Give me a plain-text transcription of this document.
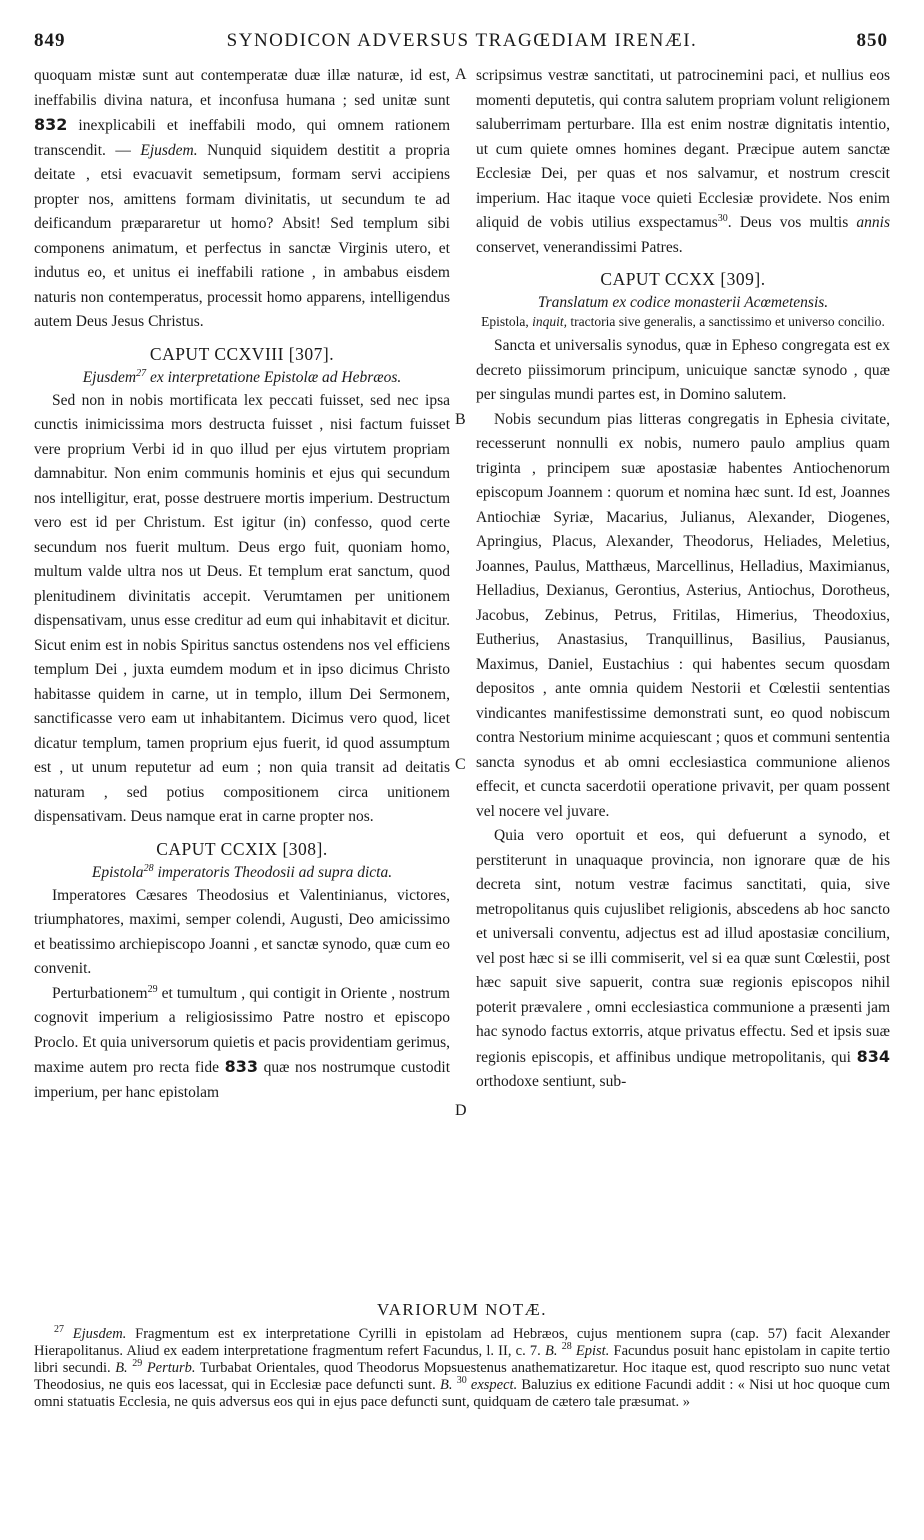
849	SYNODICON ADVERSUS TRAGŒDIAM IRENÆI.	850
A
B
C
D

quoquam mistæ sunt aut contemperatæ duæ illæ naturæ, id est, ineffabilis divina natura, et inconfusa humana ; sed unitæ sunt 832 inexplicabili et ineffabili modo, qui omnem rationem transcendit. — Ejusdem. Nunquid siquidem destitit a propria deitate , etsi evacuavit semetipsum, formam servi accipiens propter nos, amittens formam divinitatis, ut secundum te ad deificandum præpararetur ut homo? Absit! Sed templum sibi componens animatum, et perfectus in sanctæ Virginis utero, et indutus eo, et unitus ei ineffabili ratione , in ambabus eisdem naturis non contemperatus, processit homo apparens, intelligendus autem Deus Jesus Christus.

CAPUT CCXVIII [307].
Ejusdem$^{27}$ ex interpretatione Epistolæ ad Hebræos.

Sed non in nobis mortificata lex peccati fuisset, sed nec ipsa cunctis inimicissima mors destructa fuisset , nisi factum fuisset vere proprium Verbi id in quo illud per ejus virtutem propriam damnabitur. Non enim communis hominis et ejus qui secundum nos intelligitur, erat, posse destruere mortis imperium. Destructum vero est id per Christum. Est igitur (in) confesso, quod certe secundum nos fuerit multum. Deus ergo fuit, quoniam homo, multum valde ultra nos ut Deus. Et templum erat sanctum, quod plenitudinem divinitatis accepit. Verumtamen per unitionem dispensativam, unus esse creditur ad eum qui inhabitavit et dicitur. Sicut enim est in nobis Spiritus sanctus ostendens nos vel efficiens templum Dei , juxta eumdem modum et in ipso dicimus Christo habitasse quidem in carne, ut in templo, illum Dei Sermonem, sanctificasse vero eam ut inhabitantem. Dicimus vero quod, licet dicatur templum, tamen proprium ejus fuerit, id quod assumptum est , ut unum reputetur ad eum ; non quia transit ad deitatis naturam , sed potius compositionem circa unitionem dispensativam. Deus namque erat in carne propter nos.

CAPUT CCXIX [308].
Epistola$^{28}$ imperatoris Theodosii ad supra dicta.

Imperatores Cæsares Theodosius et Valentinianus, victores, triumphatores, maximi, semper colendi, Augusti, Deo amicissimo et beatissimo archiepiscopo Joanni , et sanctæ synodo, quæ cum eo convenit.

Perturbationem$^{29}$ et tumultum , qui contigit in Oriente , nostrum cognovit imperium a religiosissimo Patre nostro et episcopo Proclo. Et quia universorum quietis et pacis providentiam gerimus, maxime autem pro recta fide 833 quæ nos nostrumque custodit imperium, per hanc epistolam

scripsimus vestræ sanctitati, ut patrocinemini paci, et nullius eos momenti deputetis, qui contra salutem propriam volunt religionem saluberrimam perturbare. Illa est enim nostræ dignitatis intentio, ut cum quiete omnes homines degant. Præcipue autem sanctæ Ecclesiæ Dei, per quas et nos salvamur, et nostrum crescit imperium. Hac itaque voce quieti Ecclesiæ providete. Nos enim aliquid de vobis utilius exspectamus$^{30}$. Deus vos multis annis conservet, venerandissimi Patres.

CAPUT CCXX [309].
Translatum ex codice monasterii Acœmetensis.
Epistola, inquit, tractoria sive generalis, a sanctissimo et universo concilio.

Sancta et universalis synodus, quæ in Epheso congregata est ex decreto piissimorum principum, unicuique sanctæ synodo , quæ per singulas mundi partes est, in Domino salutem.

Nobis secundum pias litteras congregatis in Ephesia civitate, recesserunt nonnulli ex nobis, numero paulo amplius quam triginta , principem suæ apostasiæ habentes Antiochenorum episcopum Joannem : quorum et nomina hæc sunt. Id est, Joannes Antiochiæ Syriæ, Macarius, Julianus, Alexander, Diogenes, Apringius, Placus, Alexander, Theodorus, Heliades, Meletius, Joannes, Paulus, Matthæus, Marcellinus, Helladius, Maximianus, Helladius, Dexianus, Gerontius, Asterius, Antiochus, Dorotheus, Jacobus, Zebinus, Petrus, Fritilas, Himerius, Theodoxius, Eutherius, Anastasius, Tranquillinus, Basilius, Pausianus, Maximus, Daniel, Eustachius : qui habentes secum quosdam depositos , ante omnia quidem Nestorii et Cœlestii sententias vindicantes manifestissime demonstrati sunt, eo quod nobiscum contra Nestorium minime acquiescant ; quos et communi sententia sancta synodus et ab omni ecclesiastica communione alienos effecit, et cuncta sacerdotii operatione privavit, per quam possent vel nocere vel juvare.

Quia vero oportuit et eos, qui defuerunt a synodo, et perstiterunt in unaquaque provincia, non ignorare quæ de his decreta sint, notum vestræ facimus sanctitati, quia, sive metropolitanus quis cujuslibet religionis, abscedens ab hoc sancto et universali conventu, adjectus est ad illud apostasiæ concilium, vel post hæc si se illi commiserit, vel si ea quæ sunt Cœlestii, post hæc sapuit sive sapuerit, contra suæ regionis episcopos nihil poterit prævalere , omni ecclesiastica communione a præsenti jam hac synodo factus extorris, atque privatus effectu. Sed et ipsis suæ regionis episcopis, et affinibus undique metropolitanis, qui 834 orthodoxe sentiunt, sub-

VARIORUM NOTÆ.

$^{27}$ Ejusdem. Fragmentum est ex interpretatione Cyrilli in epistolam ad Hebræos, cujus mentionem supra (cap. 57) facit Alexander Hierapolitanus. Aliud ex eadem interpretatione fragmentum refert Facundus, l. II, c. 7. B. $^{28}$ Epist. Facundus posuit hanc epistolam in capite tertio libri secundi. B. $^{29}$ Perturb. Turbabat Orientales, quod Theodorus Mopsuestenus anathematizaretur. Hoc itaque est, quod rescripto suo nunc vetat Theodosius, ne quis eos lacessat, qui in Ecclesiæ pace defuncti sunt. B. $^{30}$ exspect. Baluzius ex editione Facundi addit : « Nisi ut hoc quoque cum omni statuatis Ecclesia, ne quis adversus eos qui in ejus pace defuncti sunt, quidquam de cætero tale præsumat. »
